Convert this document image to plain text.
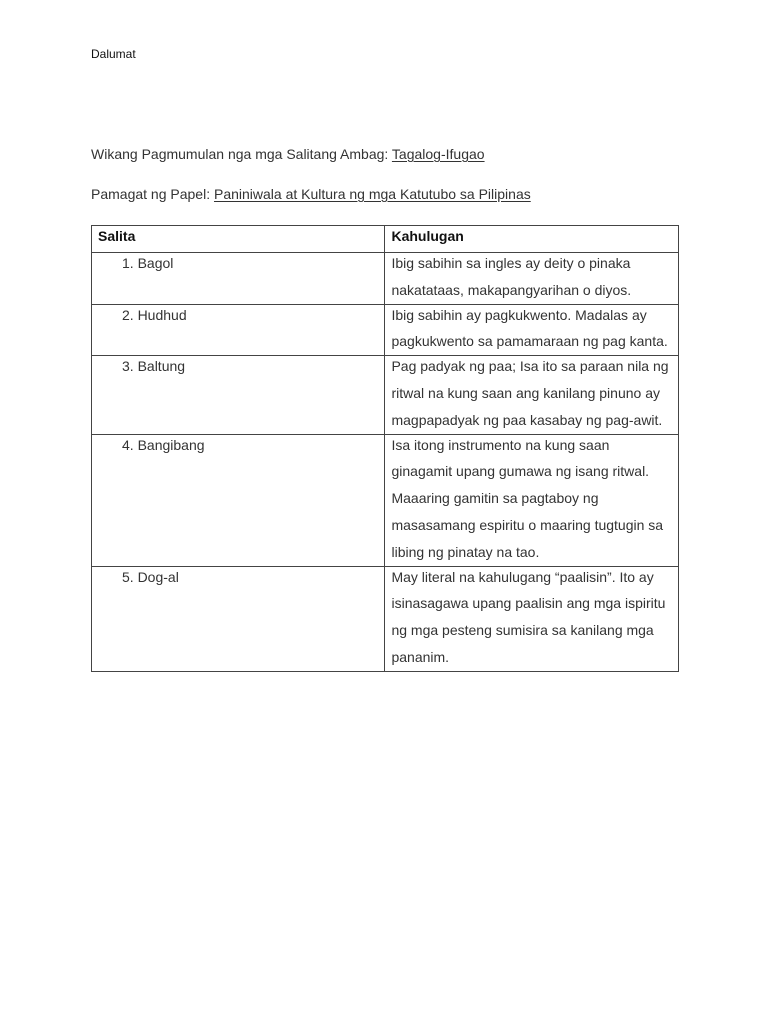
Dalumat
Wikang Pagmumulan nga mga Salitang Ambag: Tagalog-Ifugao
Pamagat ng Papel: Paniniwala at Kultura ng mga Katutubo sa Pilipinas
Salita	Kahulugan
1. Bagol	Ibig sabihin sa ingles ay deity o pinaka nakatataas, makapangyarihan o diyos.

2. Hudhud	Ibig sabihin ay pagkukwento. Madalas ay pagkukwento sa pamamaraan ng pag kanta.

3. Baltung	Pag padyak ng paa; Isa ito sa paraan nila ng ritwal na kung saan ang kanilang pinuno ay magpapadyak ng paa kasabay ng pag-awit.

4. Bangibang	Isa itong instrumento na kung saan ginagamit upang gumawa ng isang ritwal. Maaaring gamitin sa pagtaboy ng masasamang espiritu o maaring tugtugin sa libing ng pinatay na tao.

5. Dog-al	May literal na kahulugang “paalisin”. Ito ay isinasagawa upang paalisin ang mga ispiritu ng mga pesteng sumisira sa kanilang mga pananim.
